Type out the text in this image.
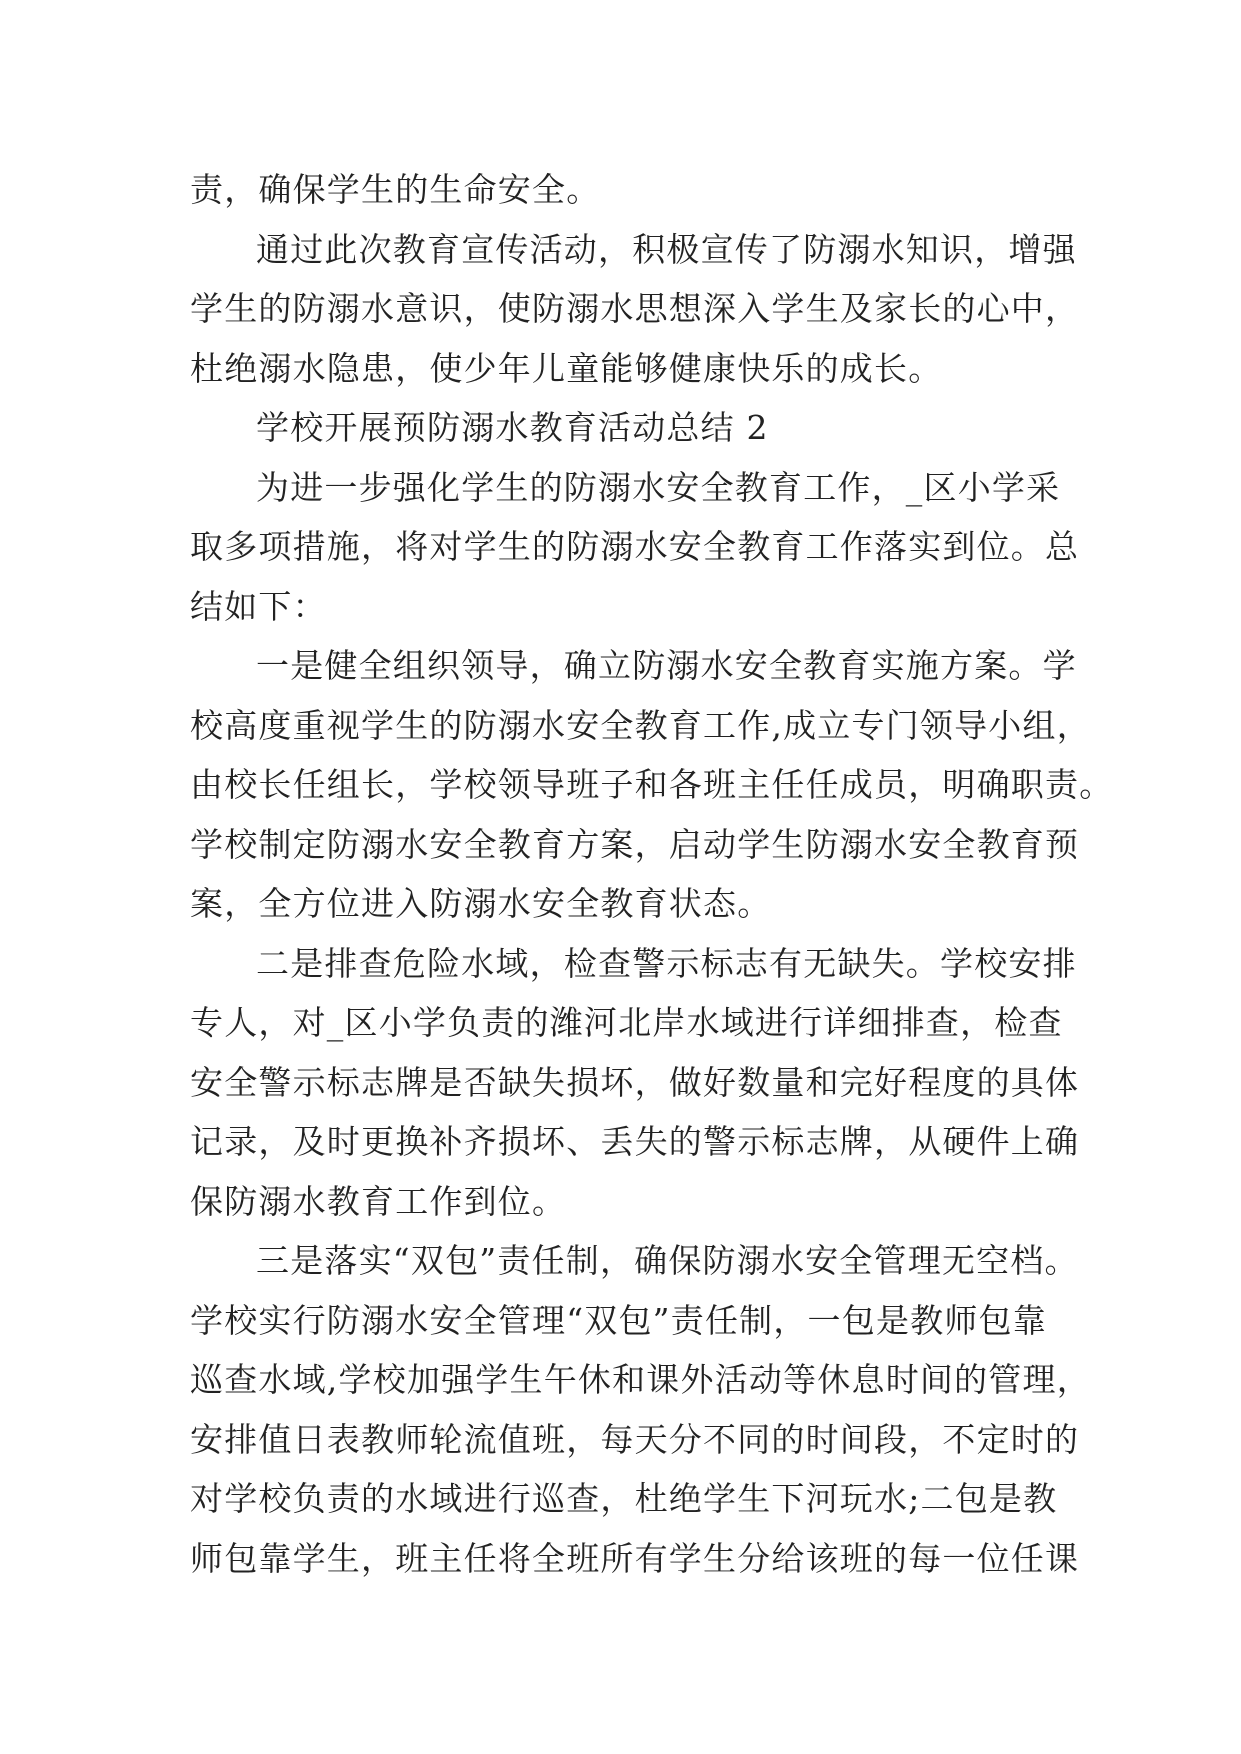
责，确保学生的生命安全。
通过此次教育宣传活动，积极宣传了防溺水知识，增强
学生的防溺水意识，使防溺水思想深入学生及家长的心中，
杜绝溺水隐患，使少年儿童能够健康快乐的成长。
学校开展预防溺水教育活动总结 2
为进一步强化学生的防溺水安全教育工作，_区小学采
取多项措施，将对学生的防溺水安全教育工作落实到位。总
结如下：
一是健全组织领导，确立防溺水安全教育实施方案。学
校高度重视学生的防溺水安全教育工作,成立专门领导小组，
由校长任组长，学校领导班子和各班主任任成员，明确职责。
学校制定防溺水安全教育方案，启动学生防溺水安全教育预
案，全方位进入防溺水安全教育状态。
二是排查危险水域，检查警示标志有无缺失。学校安排
专人，对_区小学负责的潍河北岸水域进行详细排查，检查
安全警示标志牌是否缺失损坏，做好数量和完好程度的具体
记录，及时更换补齐损坏、丢失的警示标志牌，从硬件上确
保防溺水教育工作到位。
三是落实“双包”责任制，确保防溺水安全管理无空档。
学校实行防溺水安全管理“双包”责任制，一包是教师包靠
巡查水域,学校加强学生午休和课外活动等休息时间的管理，
安排值日表教师轮流值班，每天分不同的时间段，不定时的
对学校负责的水域进行巡查，杜绝学生下河玩水;二包是教
师包靠学生，班主任将全班所有学生分给该班的每一位任课
